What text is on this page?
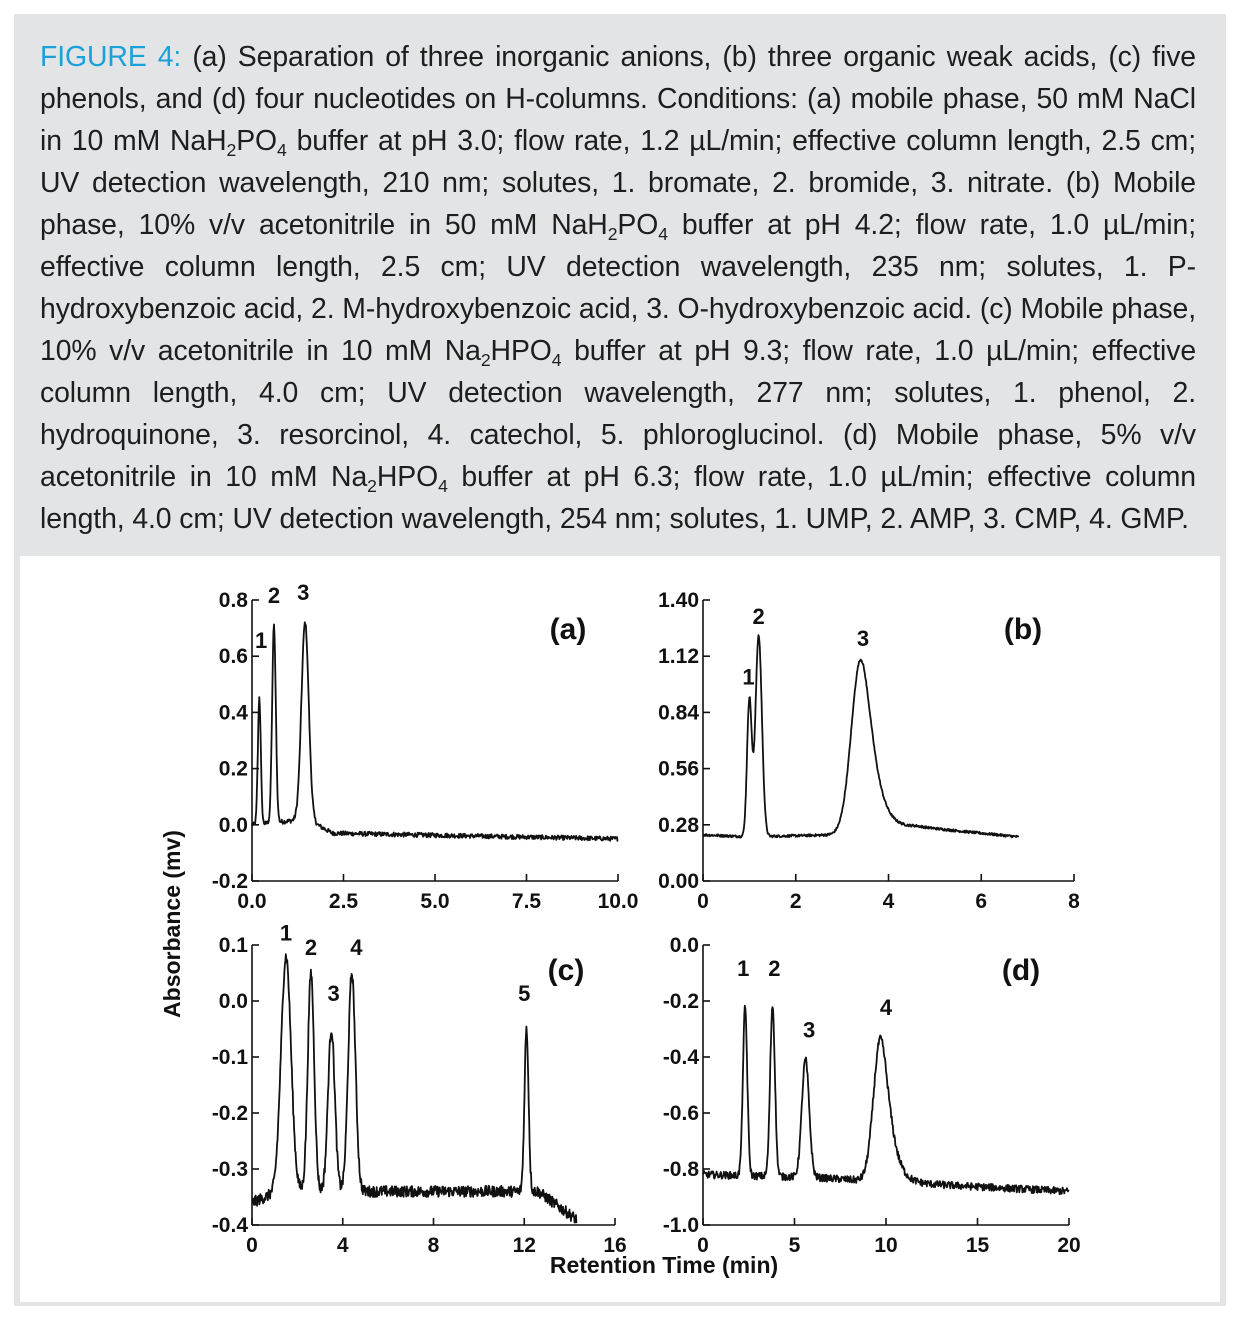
FIGURE 4: (a) Separation of three inorganic anions, (b) three organic weak acids, (c) five phenols, and (d) four nucleotides on H-columns. Conditions: (a) mobile phase, 50 mM NaCl in 10 mM $NaH_2PO_4$ buffer at pH 3.0; flow rate, 1.2 µL/min; effective column length, 2.5 cm; UV detection wavelength, 210 nm; solutes, 1. bromate, 2. bromide, 3. nitrate. (b) Mobile phase, 10% v/v acetonitrile in 50 mM $NaH_2PO_4$ buffer at pH 4.2; flow rate, 1.0 µL/min; effective column length, 2.5 cm; UV detection wavelength, 235 nm; solutes, 1. P-hydroxybenzoic acid, 2. M-hydroxybenzoic acid, 3. O-hydroxybenzoic acid. (c) Mobile phase, 10% v/v acetonitrile in 10 mM $Na_2HPO_4$ buffer at pH 9.3; flow rate, 1.0 µL/min; effective column length, 4.0 cm; UV detection wavelength, 277 nm; solutes, 1. phenol, 2. hydroquinone, 3. resorcinol, 4. catechol, 5. phloroglucinol. (d) Mobile phase, 5% v/v acetonitrile in 10 mM $Na_2HPO_4$ buffer at pH 6.3; flow rate, 1.0 µL/min; effective column length, 4.0 cm; UV detection wavelength, 254 nm; solutes, 1. UMP, 2. AMP, 3. CMP, 4. GMP.
Absorbance (mv)
Retention Time (min)
0.0	2.5	5.0	7.5	10.0
-0.2
0.0
0.2
0.4
0.6
0.8
1
2 3
(a)
0	2	4	6	8
0.00
0.28
0.56
0.84
1.12
1.40
1
2
3	(b)
0	4	8	12	16
-0.4
-0.3
-0.2
-0.1
0.0
0.1 1
2
3
4
5
(c)
0	5	10	15	20
-1.0
-0.8
-0.6
-0.4
-0.2
0.0
1 2
3
4
(d)
